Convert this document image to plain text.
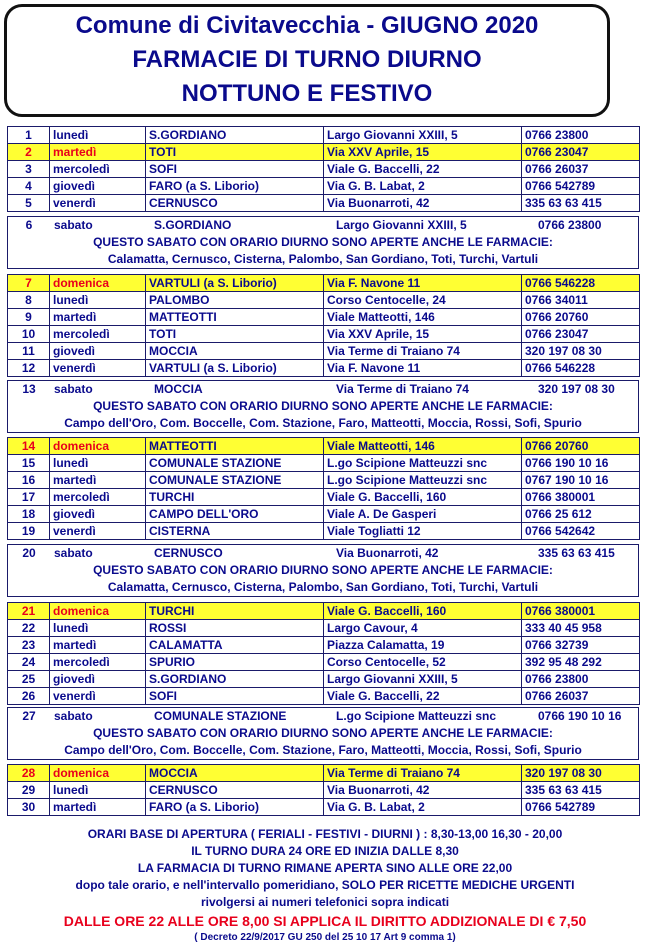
Comune di Civitavecchia - GIUGNO 2020
FARMACIE DI TURNO DIURNO
NOTTUNO E FESTIVO
1	lunedì	S.GORDIANO	Largo Giovanni XXIII, 5	0766 23800
2	martedì	TOTI	Via XXV Aprile, 15	0766 23047
3	mercoledì	SOFI	Viale G. Baccelli, 22	0766 26037
4	giovedì	FARO (a S. Liborio)	Via G. B. Labat, 2	0766 542789
5	venerdì	CERNUSCO	Via Buonarroti, 42	335 63 63 415
6	sabato	S.GORDIANO	Largo Giovanni XXIII, 5	0766 23800
QUESTO SABATO CON ORARIO DIURNO SONO APERTE ANCHE LE FARMACIE:
Calamatta, Cernusco, Cisterna, Palombo, San Gordiano, Toti, Turchi, Vartuli
7	domenica	VARTULI (a S. Liborio)	Via F. Navone 11	0766 546228
8	lunedì	PALOMBO	Corso Centocelle, 24	0766 34011
9	martedì	MATTEOTTI	Viale Matteotti, 146	0766 20760
10	mercoledì	TOTI	Via XXV Aprile, 15	0766 23047
11	giovedì	MOCCIA	Via Terme di Traiano 74	320 197 08 30
12	venerdì	VARTULI (a S. Liborio)	Via F. Navone 11	0766 546228
13	sabato	MOCCIA	Via Terme di Traiano 74	320 197 08 30
QUESTO SABATO CON ORARIO DIURNO SONO APERTE ANCHE LE FARMACIE:
Campo dell'Oro, Com. Boccelle, Com. Stazione, Faro, Matteotti, Moccia, Rossi, Sofi, Spurio
14	domenica	MATTEOTTI	Viale Matteotti, 146	0766 20760
15	lunedì	COMUNALE STAZIONE	L.go Scipione Matteuzzi snc	0766 190 10 16
16	martedì	COMUNALE STAZIONE	L.go Scipione Matteuzzi snc	0767 190 10 16
17	mercoledì	TURCHI	Viale G. Baccelli, 160	0766 380001
18	giovedì	CAMPO DELL'ORO	Viale A. De Gasperi	0766 25 612
19	venerdì	CISTERNA	Viale Togliatti 12	0766 542642
20	sabato	CERNUSCO	Via Buonarroti, 42	335 63 63 415
QUESTO SABATO CON ORARIO DIURNO SONO APERTE ANCHE LE FARMACIE:
Calamatta, Cernusco, Cisterna, Palombo, San Gordiano, Toti, Turchi, Vartuli
21	domenica	TURCHI	Viale G. Baccelli, 160	0766 380001
22	lunedì	ROSSI	Largo Cavour, 4	333 40 45 958
23	martedì	CALAMATTA	Piazza Calamatta, 19	0766 32739
24	mercoledì	SPURIO	Corso Centocelle, 52	392 95 48 292
25	giovedì	S.GORDIANO	Largo Giovanni XXIII, 5	0766 23800
26	venerdì	SOFI	Viale G. Baccelli, 22	0766 26037
27	sabato	COMUNALE STAZIONE	L.go Scipione Matteuzzi snc	0766 190 10 16
QUESTO SABATO CON ORARIO DIURNO SONO APERTE ANCHE LE FARMACIE:
Campo dell'Oro, Com. Boccelle, Com. Stazione, Faro, Matteotti, Moccia, Rossi, Sofi, Spurio
28	domenica	MOCCIA	Via Terme di Traiano 74	320 197 08 30
29	lunedì	CERNUSCO	Via Buonarroti, 42	335 63 63 415
30	martedì	FARO (a S. Liborio)	Via G. B. Labat, 2	0766 542789
ORARI BASE DI APERTURA ( FERIALI - FESTIVI - DIURNI ) : 8,30-13,00 16,30 - 20,00
IL TURNO DURA 24 ORE ED INIZIA DALLE 8,30
LA FARMACIA DI TURNO RIMANE APERTA SINO ALLE ORE 22,00
dopo tale orario, e nell'intervallo pomeridiano, SOLO PER RICETTE MEDICHE URGENTI
rivolgersi ai numeri telefonici sopra indicati
DALLE ORE 22 ALLE ORE 8,00 SI APPLICA IL DIRITTO ADDIZIONALE DI € 7,50
( Decreto 22/9/2017 GU 250 del 25 10 17 Art 9 comma 1)
